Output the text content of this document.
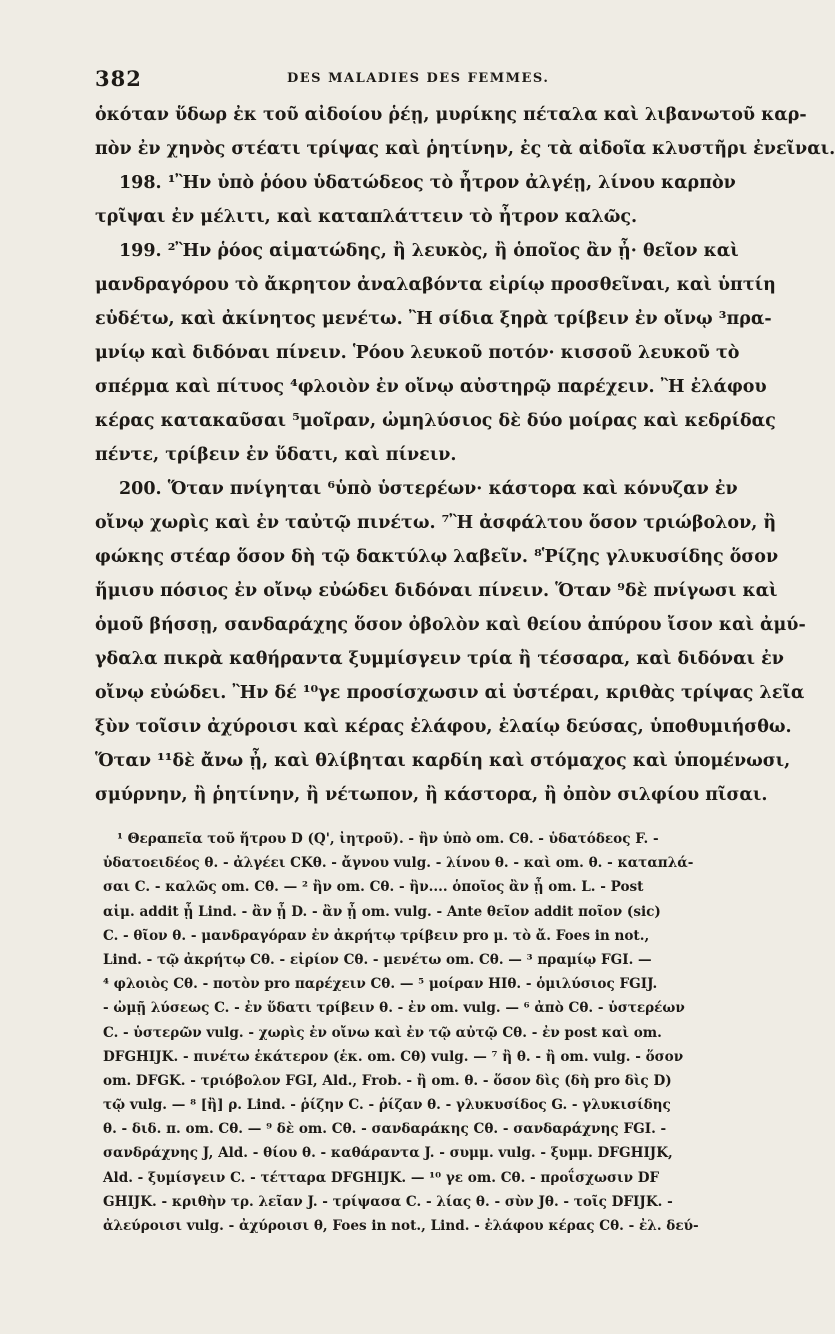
382	DES MALADIES DES FEMMES.
ὁκόταν ὕδωρ ἐκ τοῦ αἰδοίου ῥέῃ, μυρίκης πέταλα καὶ λιβανωτοῦ καρ-
πὸν ἐν χηνὸς στέατι τρίψας καὶ ῥητίνην, ἐς τὰ αἰδοῖα κλυστῆρι ἐνεῖναι.
198. ¹Ἢν ὑπὸ ῥόου ὑδατώδεος τὸ ἦτρον ἀλγέῃ, λίνου καρπὸν
τρῖψαι ἐν μέλιτι, καὶ καταπλάττειν τὸ ἦτρον καλῶς.
199. ²Ἢν ῥόος αἱματώδης, ἢ λευκὸς, ἢ ὁποῖος ἂν ᾖ· θεῖον καὶ
μανδραγόρου τὸ ἄκρητον ἀναλαβόντα εἰρίῳ προσθεῖναι, καὶ ὑπτίη
εὑδέτω, καὶ ἀκίνητος μενέτω. Ἢ σίδια ξηρὰ τρίβειν ἐν οἴνῳ ³πρα-
μνίῳ καὶ διδόναι πίνειν. Ῥόου λευκοῦ ποτόν· κισσοῦ λευκοῦ τὸ
σπέρμα καὶ πίτυος ⁴φλοιὸν ἐν οἴνῳ αὐστηρῷ παρέχειν. Ἢ ἐλάφου
κέρας κατακαῦσαι ⁵μοῖραν, ὠμηλύσιος δὲ δύο μοίρας καὶ κεδρίδας
πέντε, τρίβειν ἐν ὕδατι, καὶ πίνειν.
200. Ὅταν πνίγηται ⁶ὑπὸ ὑστερέων· κάστορα καὶ κόνυζαν ἐν
οἴνῳ χωρὶς καὶ ἐν ταὐτῷ πινέτω. ⁷Ἢ ἀσφάλτου ὅσον τριώβολον, ἢ
φώκης στέαρ ὅσον δὴ τῷ δακτύλῳ λαβεῖν. ⁸Ῥίζης γλυκυσίδης ὅσον
ἥμισυ πόσιος ἐν οἴνῳ εὐώδει διδόναι πίνειν. Ὅταν ⁹δὲ πνίγωσι καὶ
ὁμοῦ βήσσῃ, σανδαράχης ὅσον ὀβολὸν καὶ θείου ἀπύρου ἴσον καὶ ἀμύ-
γδαλα πικρὰ καθήραντα ξυμμίσγειν τρία ἢ τέσσαρα, καὶ διδόναι ἐν
οἴνῳ εὐώδει. Ἢν δέ ¹⁰γε προσίσχωσιν αἱ ὑστέραι, κριθὰς τρίψας λεῖα
ξὺν τοῖσιν ἀχύροισι καὶ κέρας ἐλάφου, ἐλαίῳ δεύσας, ὑποθυμιήσθω.
Ὅταν ¹¹δὲ ἄνω ᾖ, καὶ θλίβηται καρδίη καὶ στόμαχος καὶ ὑπομένωσι,
σμύρνην, ἢ ῥητίνην, ἢ νέτωπον, ἢ κάστορα, ἢ ὀπὸν σιλφίου πῖσαι.
¹ Θεραπεῖα τοῦ ἥτρου D (Q', ἰητροῦ). - ἢν ὑπὸ om. Cθ. - ὑδατόδεος F. -
ὑδατοειδέος θ. - ἀλγέει CKθ. - ἄγνου vulg. - λίνου θ. - καὶ om. θ. - καταπλά-
σαι C. - καλῶς om. Cθ. — ² ἢν om. Cθ. - ἢν.... ὁποῖος ἂν ᾖ om. L. - Post
αἱμ. addit ᾖ Lind. - ἂν ᾖ D. - ἂν ᾖ om. vulg. - Ante θεῖον addit ποῖον (sic)
C. - θῖον θ. - μανδραγόραν ἐν ἀκρήτῳ τρίβειν pro μ. τὸ ἄ. Foes in not.,
Lind. - τῷ ἀκρήτῳ Cθ. - εἰρίον Cθ. - μενέτω om. Cθ. — ³ πραμίῳ FGI. —
⁴ φλοιὸς Cθ. - ποτὸν pro παρέχειν Cθ. — ⁵ μοίραν HIθ. - ὁμιλύσιος FGIJ.
- ὠμῇ λύσεως C. - ἐν ὕδατι τρίβειν θ. - ἐν om. vulg. — ⁶ ἀπὸ Cθ. - ὑστερέων
C. - ὑστερῶν vulg. - χωρὶς ἐν οἴνω καὶ ἐν τῷ αὐτῷ Cθ. - ἐν post καὶ om.
DFGHIJK. - πινέτω ἑκάτερον (ἑκ. om. Cθ) vulg. — ⁷ ἢ θ. - ἢ om. vulg. - ὅσον
om. DFGK. - τριόβολον FGI, Ald., Frob. - ἢ om. θ. - ὅσον δὶς (δὴ pro δὶς D)
τῷ vulg. — ⁸ [ἢ] ρ. Lind. - ῥίζην C. - ῥίζαν θ. - γλυκυσίδος G. - γλυκισίδης
θ. - διδ. π. om. Cθ. — ⁹ δὲ om. Cθ. - σανδαράκης Cθ. - σανδαράχνης FGI. -
σανδράχνης J, Ald. - θίου θ. - καθάραντα J. - συμμ. vulg. - ξυμμ. DFGHIJK,
Ald. - ξυμίσγειν C. - τέτταρα DFGHIJK. — ¹⁰ γε om. Cθ. - προΐσχωσιν DF
GHIJK. - κριθὴν τρ. λεῖαν J. - τρίψασα C. - λίας θ. - σὺν Jθ. - τοῖς DFIJK. -
ἀλεύροισι vulg. - ἀχύροισι θ, Foes in not., Lind. - ἐλάφου κέρας Cθ. - ἐλ. δεύ-
